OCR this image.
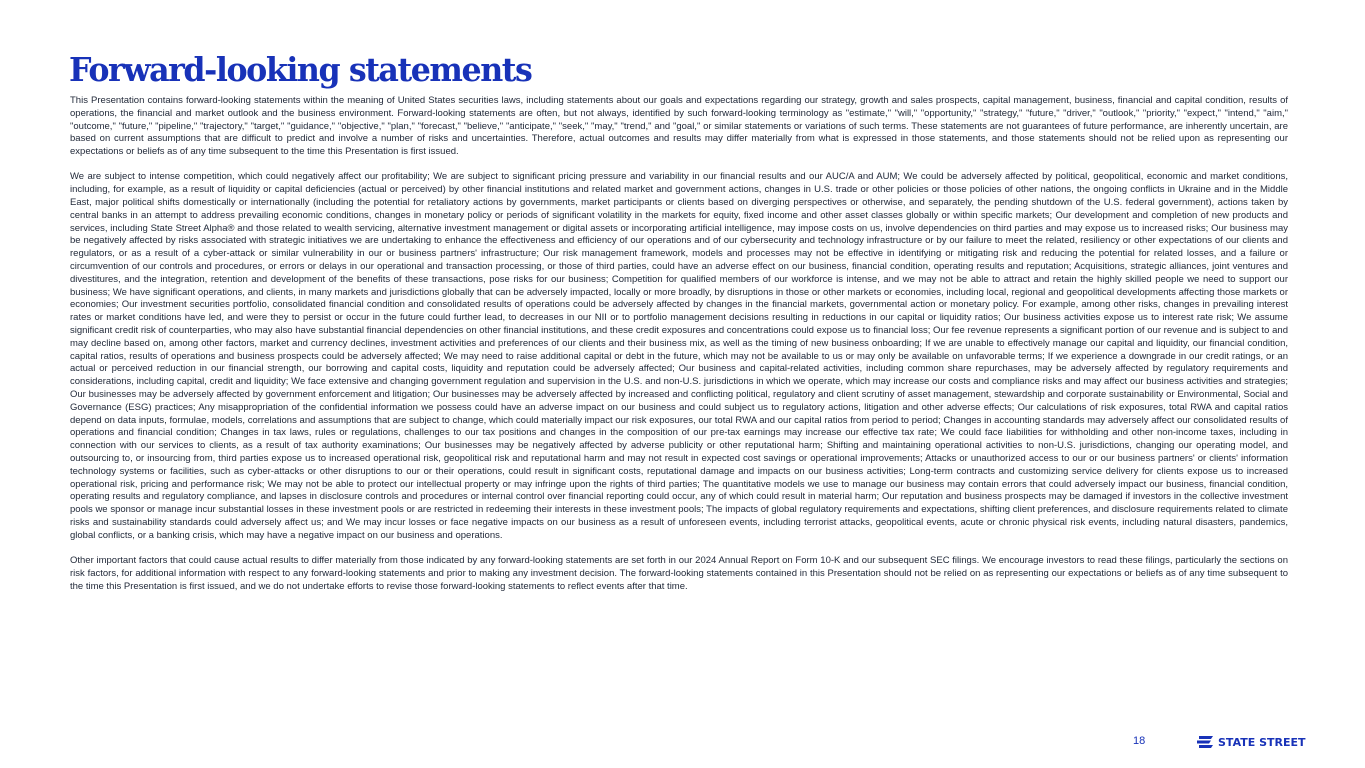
Forward-looking statements

This Presentation contains forward-looking statements within the meaning of United States securities laws, including statements about our goals and expectations regarding our strategy, growth and sales prospects, capital management, business, financial and capital condition, results of operations, the financial and market outlook and the business environment. Forward-looking statements are often, but not always, identified by such forward-looking terminology as "estimate," "will," "opportunity," "strategy," "future," "driver," "outlook," "priority," "expect," "intend," "aim," "outcome," "future," "pipeline," "trajectory," "target," "guidance," "objective," "plan," "forecast," "believe," "anticipate," "seek," "may," "trend," and "goal," or similar statements or variations of such terms. These statements are not guarantees of future performance, are inherently uncertain, are based on current assumptions that are difficult to predict and involve a number of risks and uncertainties. Therefore, actual outcomes and results may differ materially from what is expressed in those statements, and those statements should not be relied upon as representing our expectations or beliefs as of any time subsequent to the time this Presentation is first issued.

We are subject to intense competition, which could negatively affect our profitability; We are subject to significant pricing pressure and variability in our financial results and our AUC/A and AUM; We could be adversely affected by political, geopolitical, economic and market conditions, including, for example, as a result of liquidity or capital deficiencies (actual or perceived) by other financial institutions and related market and government actions, changes in U.S. trade or other policies or those policies of other nations, the ongoing conflicts in Ukraine and in the Middle East, major political shifts domestically or internationally (including the potential for retaliatory actions by governments, market participants or clients based on diverging perspectives or otherwise, and separately, the pending shutdown of the U.S. federal government), actions taken by central banks in an attempt to address prevailing economic conditions, changes in monetary policy or periods of significant volatility in the markets for equity, fixed income and other asset classes globally or within specific markets; Our development and completion of new products and services, including State Street Alpha® and those related to wealth servicing, alternative investment management or digital assets or incorporating artificial intelligence, may impose costs on us, involve dependencies on third parties and may expose us to increased risks; Our business may be negatively affected by risks associated with strategic initiatives we are undertaking to enhance the effectiveness and efficiency of our operations and of our cybersecurity and technology infrastructure or by our failure to meet the related, resiliency or other expectations of our clients and regulators, or as a result of a cyber-attack or similar vulnerability in our or business partners' infrastructure; Our risk management framework, models and processes may not be effective in identifying or mitigating risk and reducing the potential for related losses, and a failure or circumvention of our controls and procedures, or errors or delays in our operational and transaction processing, or those of third parties, could have an adverse effect on our business, financial condition, operating results and reputation; Acquisitions, strategic alliances, joint ventures and divestitures, and the integration, retention and development of the benefits of these transactions, pose risks for our business; Competition for qualified members of our workforce is intense, and we may not be able to attract and retain the highly skilled people we need to support our business; We have significant operations, and clients, in many markets and jurisdictions globally that can be adversely impacted, locally or more broadly, by disruptions in those or other markets or economies, including local, regional and geopolitical developments affecting those markets or economies; Our investment securities portfolio, consolidated financial condition and consolidated results of operations could be adversely affected by changes in the financial markets, governmental action or monetary policy. For example, among other risks, changes in prevailing interest rates or market conditions have led, and were they to persist or occur in the future could further lead, to decreases in our NII or to portfolio management decisions resulting in reductions in our capital or liquidity ratios; Our business activities expose us to interest rate risk; We assume significant credit risk of counterparties, who may also have substantial financial dependencies on other financial institutions, and these credit exposures and concentrations could expose us to financial loss; Our fee revenue represents a significant portion of our revenue and is subject to and may decline based on, among other factors, market and currency declines, investment activities and preferences of our clients and their business mix, as well as the timing of new business onboarding; If we are unable to effectively manage our capital and liquidity, our financial condition, capital ratios, results of operations and business prospects could be adversely affected; We may need to raise additional capital or debt in the future, which may not be available to us or may only be available on unfavorable terms; If we experience a downgrade in our credit ratings, or an actual or perceived reduction in our financial strength, our borrowing and capital costs, liquidity and reputation could be adversely affected; Our business and capital-related activities, including common share repurchases, may be adversely affected by regulatory requirements and considerations, including capital, credit and liquidity; We face extensive and changing government regulation and supervision in the U.S. and non-U.S. jurisdictions in which we operate, which may increase our costs and compliance risks and may affect our business activities and strategies; Our businesses may be adversely affected by government enforcement and litigation; Our businesses may be adversely affected by increased and conflicting political, regulatory and client scrutiny of asset management, stewardship and corporate sustainability or Environmental, Social and Governance (ESG) practices; Any misappropriation of the confidential information we possess could have an adverse impact on our business and could subject us to regulatory actions, litigation and other adverse effects; Our calculations of risk exposures, total RWA and capital ratios depend on data inputs, formulae, models, correlations and assumptions that are subject to change, which could materially impact our risk exposures, our total RWA and our capital ratios from period to period; Changes in accounting standards may adversely affect our consolidated results of operations and financial condition; Changes in tax laws, rules or regulations, challenges to our tax positions and changes in the composition of our pre-tax earnings may increase our effective tax rate; We could face liabilities for withholding and other non-income taxes, including in connection with our services to clients, as a result of tax authority examinations; Our businesses may be negatively affected by adverse publicity or other reputational harm; Shifting and maintaining operational activities to non-U.S. jurisdictions, changing our operating model, and outsourcing to, or insourcing from, third parties expose us to increased operational risk, geopolitical risk and reputational harm and may not result in expected cost savings or operational improvements; Attacks or unauthorized access to our or our business partners' or clients' information technology systems or facilities, such as cyber-attacks or other disruptions to our or their operations, could result in significant costs, reputational damage and impacts on our business activities; Long-term contracts and customizing service delivery for clients expose us to increased operational risk, pricing and performance risk; We may not be able to protect our intellectual property or may infringe upon the rights of third parties; The quantitative models we use to manage our business may contain errors that could adversely impact our business, financial condition, operating results and regulatory compliance, and lapses in disclosure controls and procedures or internal control over financial reporting could occur, any of which could result in material harm; Our reputation and business prospects may be damaged if investors in the collective investment pools we sponsor or manage incur substantial losses in these investment pools or are restricted in redeeming their interests in these investment pools; The impacts of global regulatory requirements and expectations, shifting client preferences, and disclosure requirements related to climate risks and sustainability standards could adversely affect us; and We may incur losses or face negative impacts on our business as a result of unforeseen events, including terrorist attacks, geopolitical events, acute or chronic physical risk events, including natural disasters, pandemics, global conflicts, or a banking crisis, which may have a negative impact on our business and operations.

Other important factors that could cause actual results to differ materially from those indicated by any forward-looking statements are set forth in our 2024 Annual Report on Form 10-K and our subsequent SEC filings. We encourage investors to read these filings, particularly the sections on risk factors, for additional information with respect to any forward-looking statements and prior to making any investment decision. The forward-looking statements contained in this Presentation should not be relied on as representing our expectations or beliefs as of any time subsequent to the time this Presentation is first issued, and we do not undertake efforts to revise those forward-looking statements to reflect events after that time.

18	STATE STREET
